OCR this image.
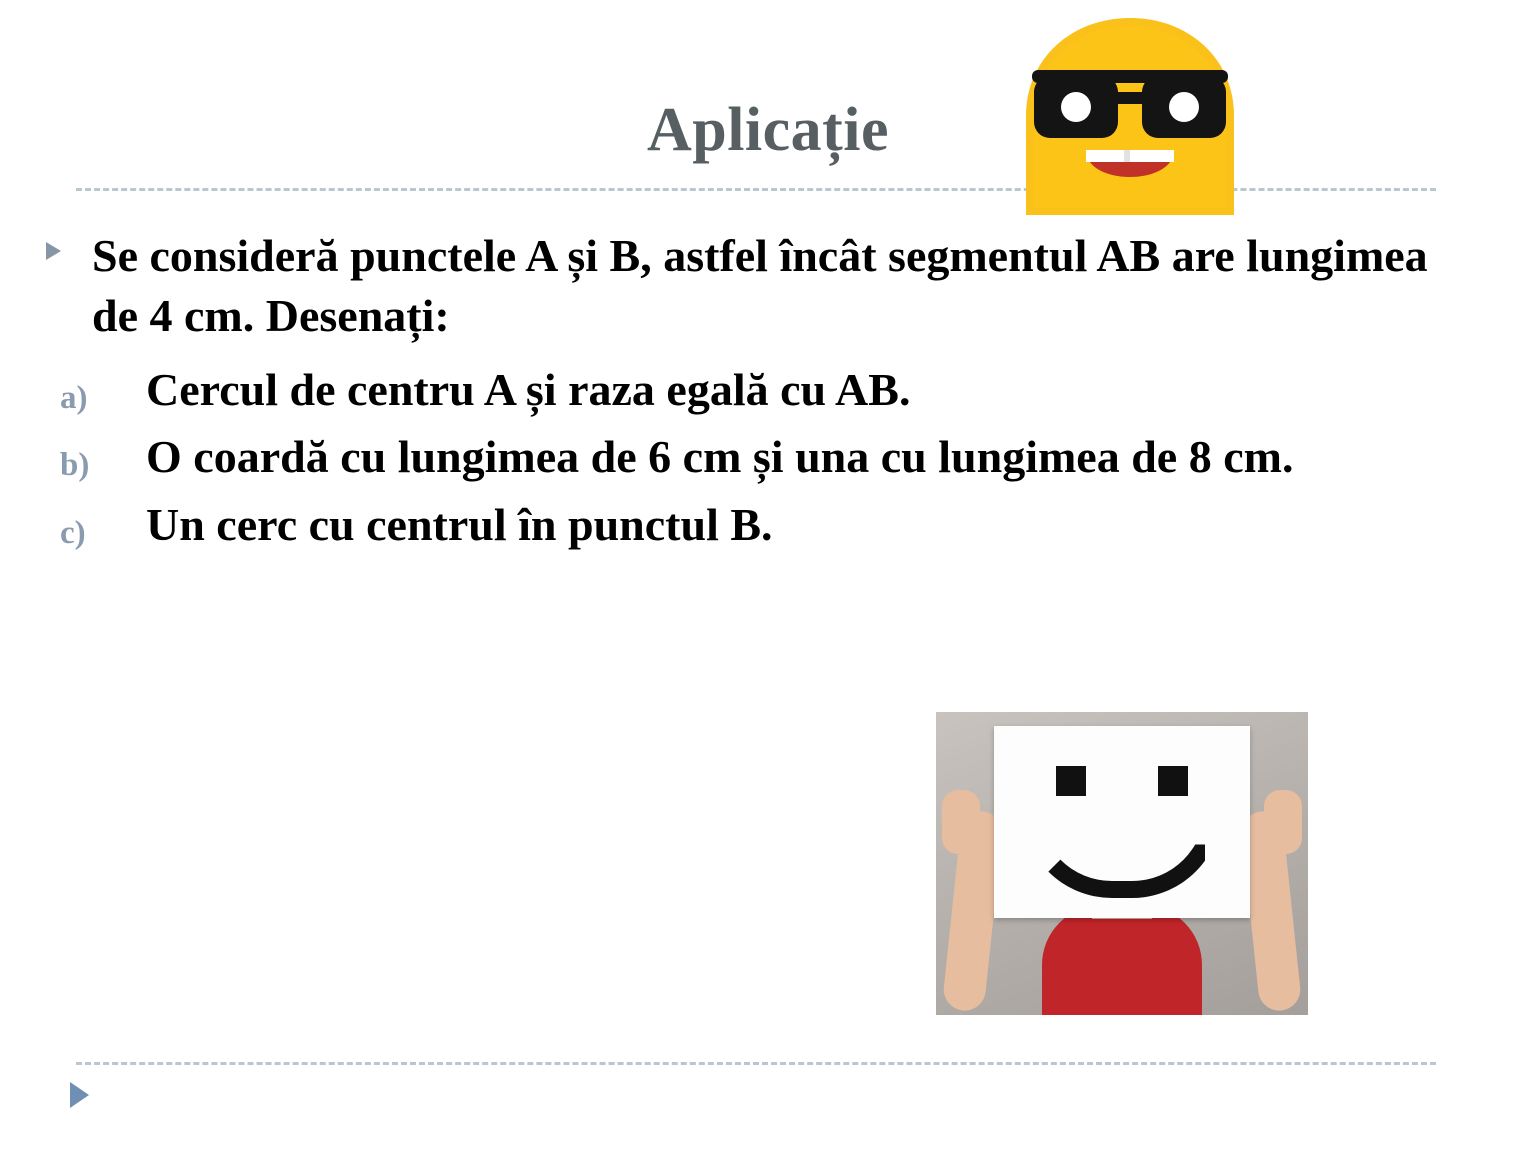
Aplicație
Se consideră punctele A și B, astfel încât segmentul AB are lungimea de 4 cm. Desenați:
a)	Cercul de centru A și raza egală cu AB.
b)	O coardă cu lungimea de 6 cm și una cu lungimea de 8 cm.
c)	Un cerc cu centrul în punctul B.
